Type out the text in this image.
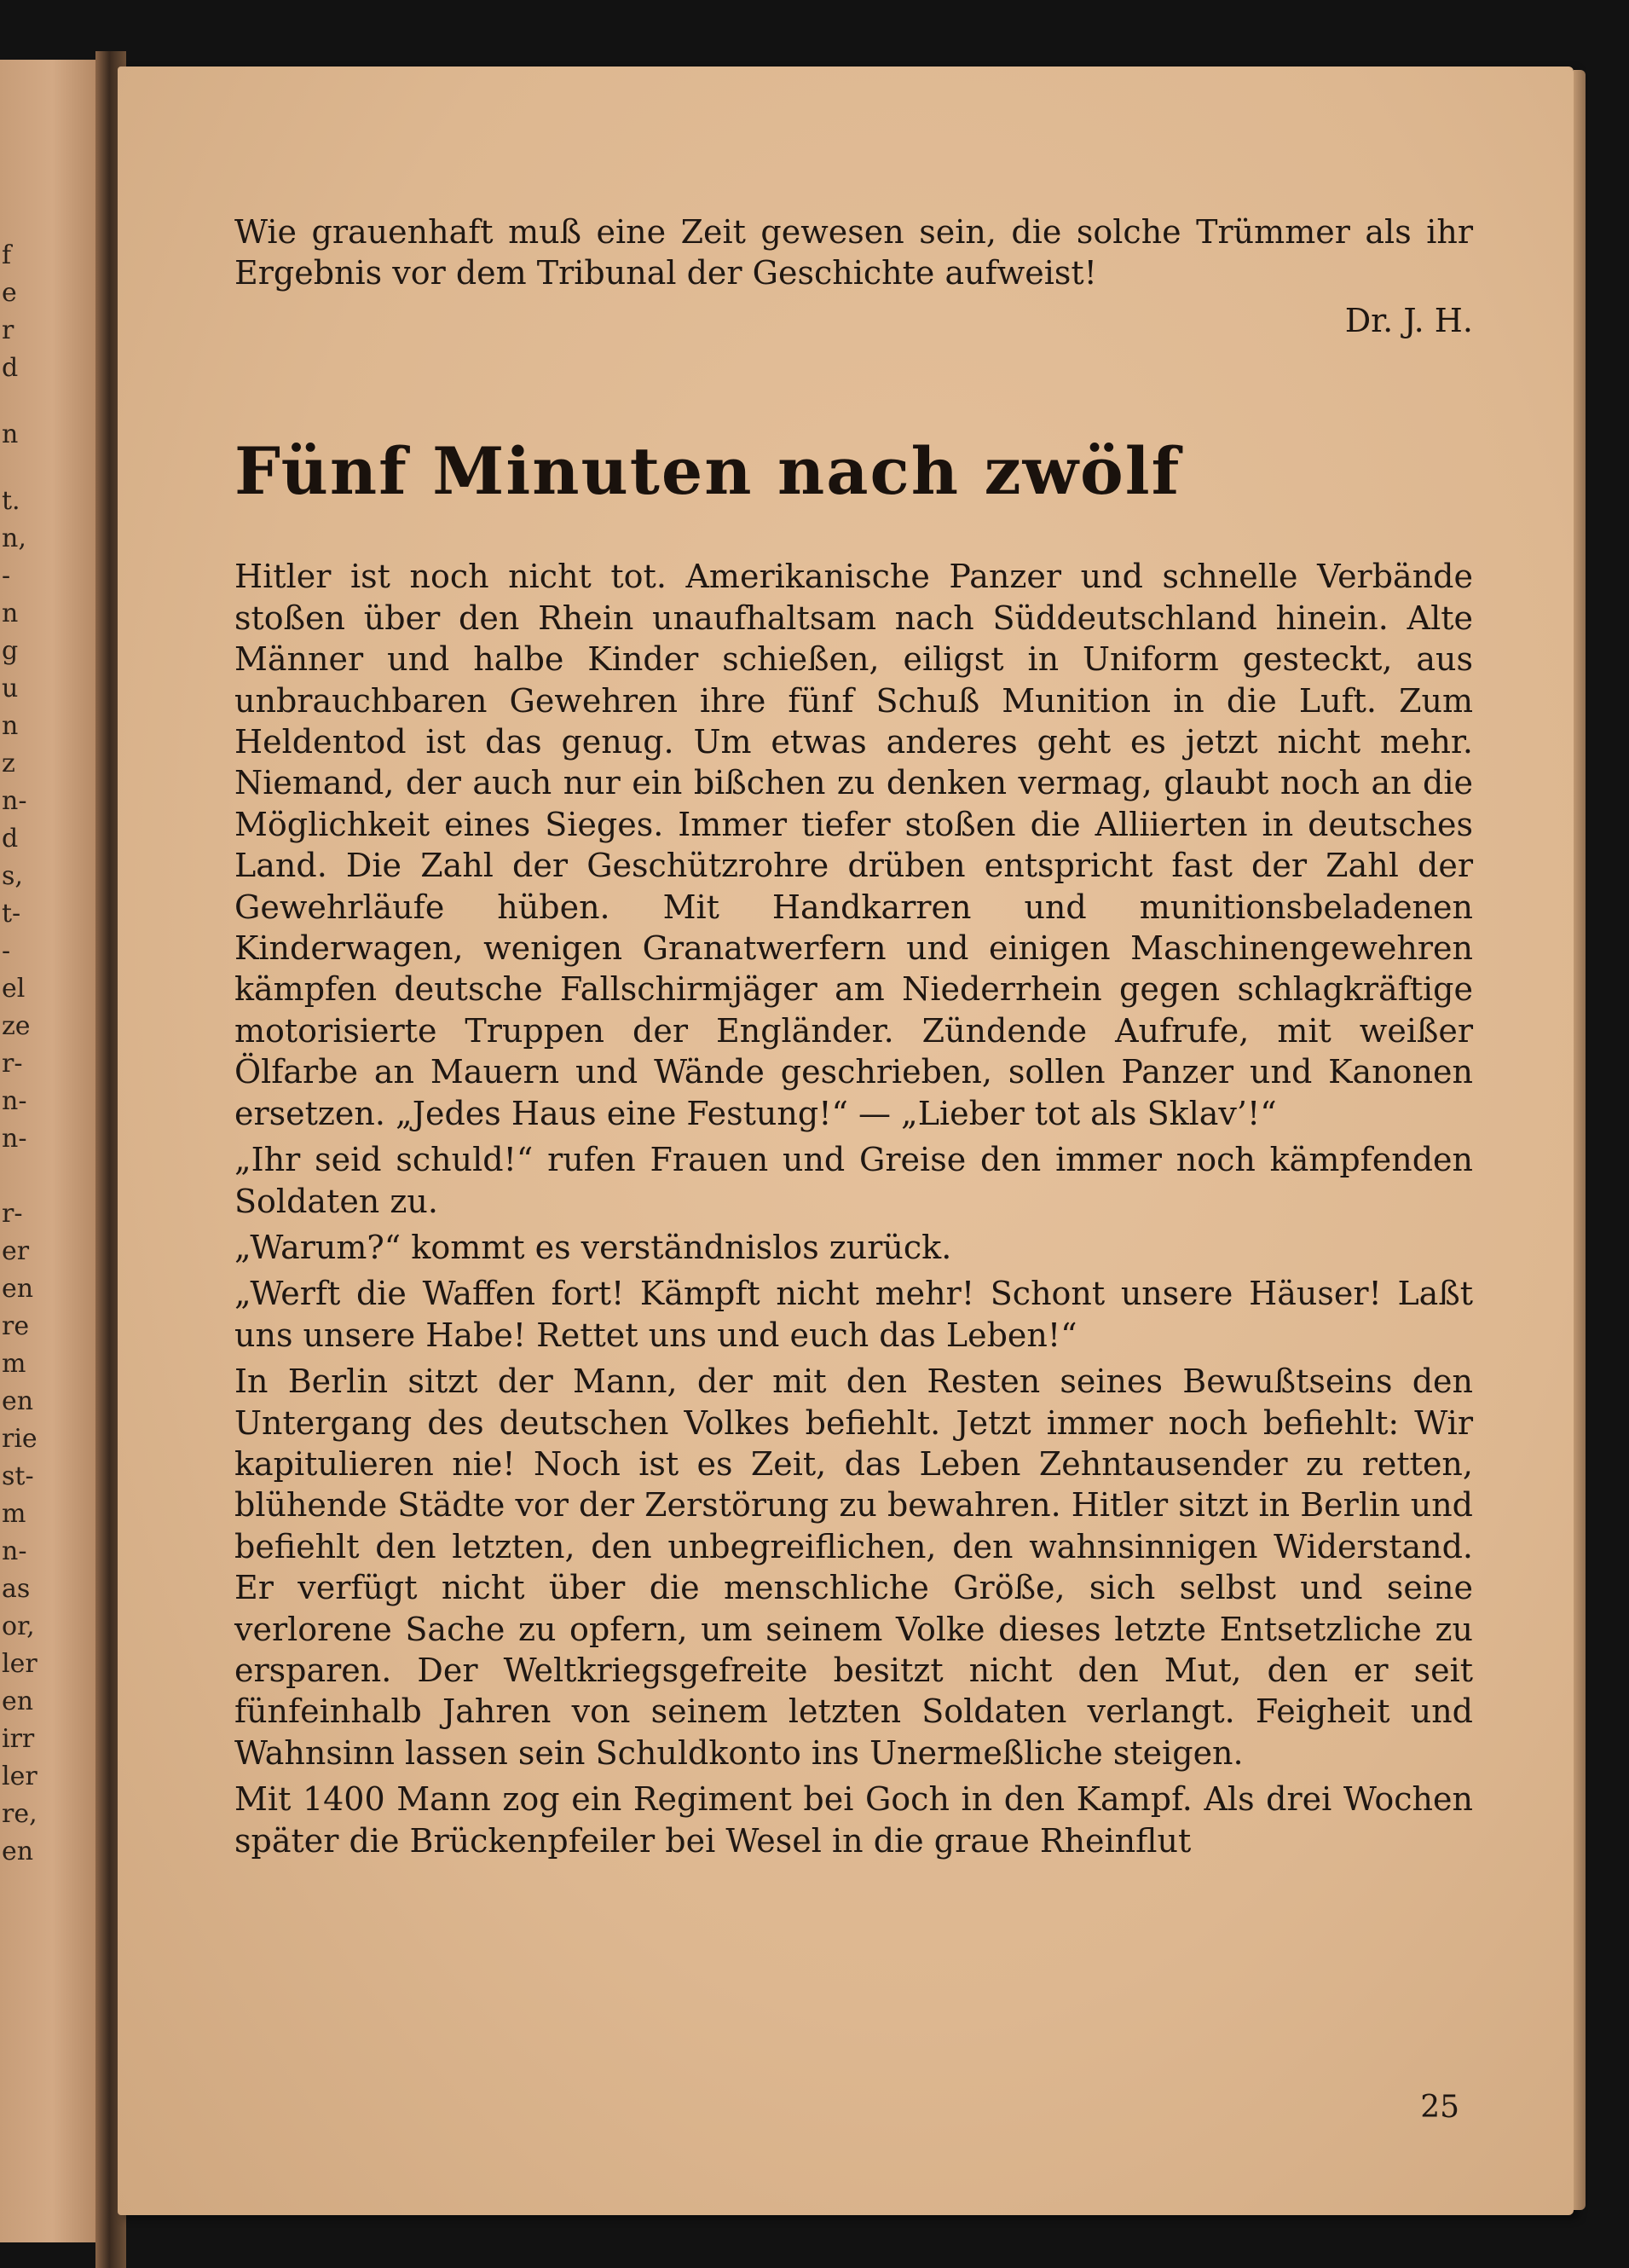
f
e
r
d
n
t.
n,
-
n
g
u
n
z
n-
d
s,
t-
-
el
ze
r-
n-
n-
r-
er
en
re
m
en
rie
st-
m
n-
as
or,
ler
en
irr
ler
re,
en

Wie grauenhaft muß eine Zeit gewesen sein, die solche Trümmer als ihr Ergebnis vor dem Tribunal der Geschichte aufweist!

Dr. J. H.

Fünf Minuten nach zwölf

Hitler ist noch nicht tot. Amerikanische Panzer und schnelle Verbände stoßen über den Rhein unaufhaltsam nach Süddeutschland hinein. Alte Männer und halbe Kinder schießen, eiligst in Uniform gesteckt, aus unbrauchbaren Gewehren ihre fünf Schuß Munition in die Luft. Zum Heldentod ist das genug. Um etwas anderes geht es jetzt nicht mehr. Niemand, der auch nur ein bißchen zu denken vermag, glaubt noch an die Möglichkeit eines Sieges. Immer tiefer stoßen die Alliierten in deutsches Land. Die Zahl der Geschützrohre drüben entspricht fast der Zahl der Gewehrläufe hüben. Mit Handkarren und munitionsbeladenen Kinderwagen, wenigen Granatwerfern und einigen Maschinengewehren kämpfen deutsche Fallschirmjäger am Niederrhein gegen schlagkräftige motorisierte Truppen der Engländer. Zündende Aufrufe, mit weißer Ölfarbe an Mauern und Wände geschrieben, sollen Panzer und Kanonen ersetzen. „Jedes Haus eine Festung!“ — „Lieber tot als Sklav’!“

„Ihr seid schuld!“ rufen Frauen und Greise den immer noch kämpfenden Soldaten zu.

„Warum?“ kommt es verständnislos zurück.

„Werft die Waffen fort! Kämpft nicht mehr! Schont unsere Häuser! Laßt uns unsere Habe! Rettet uns und euch das Leben!“

In Berlin sitzt der Mann, der mit den Resten seines Bewußtseins den Untergang des deutschen Volkes befiehlt. Jetzt immer noch befiehlt: Wir kapitulieren nie! Noch ist es Zeit, das Leben Zehntausender zu retten, blühende Städte vor der Zerstörung zu bewahren. Hitler sitzt in Berlin und befiehlt den letzten, den unbegreiflichen, den wahnsinnigen Widerstand. Er verfügt nicht über die menschliche Größe, sich selbst und seine verlorene Sache zu opfern, um seinem Volke dieses letzte Entsetzliche zu ersparen. Der Weltkriegsgefreite besitzt nicht den Mut, den er seit fünfeinhalb Jahren von seinem letzten Soldaten verlangt. Feigheit und Wahnsinn lassen sein Schuldkonto ins Unermeßliche steigen.

Mit 1400 Mann zog ein Regiment bei Goch in den Kampf. Als drei Wochen später die Brückenpfeiler bei Wesel in die graue Rheinflut

25
